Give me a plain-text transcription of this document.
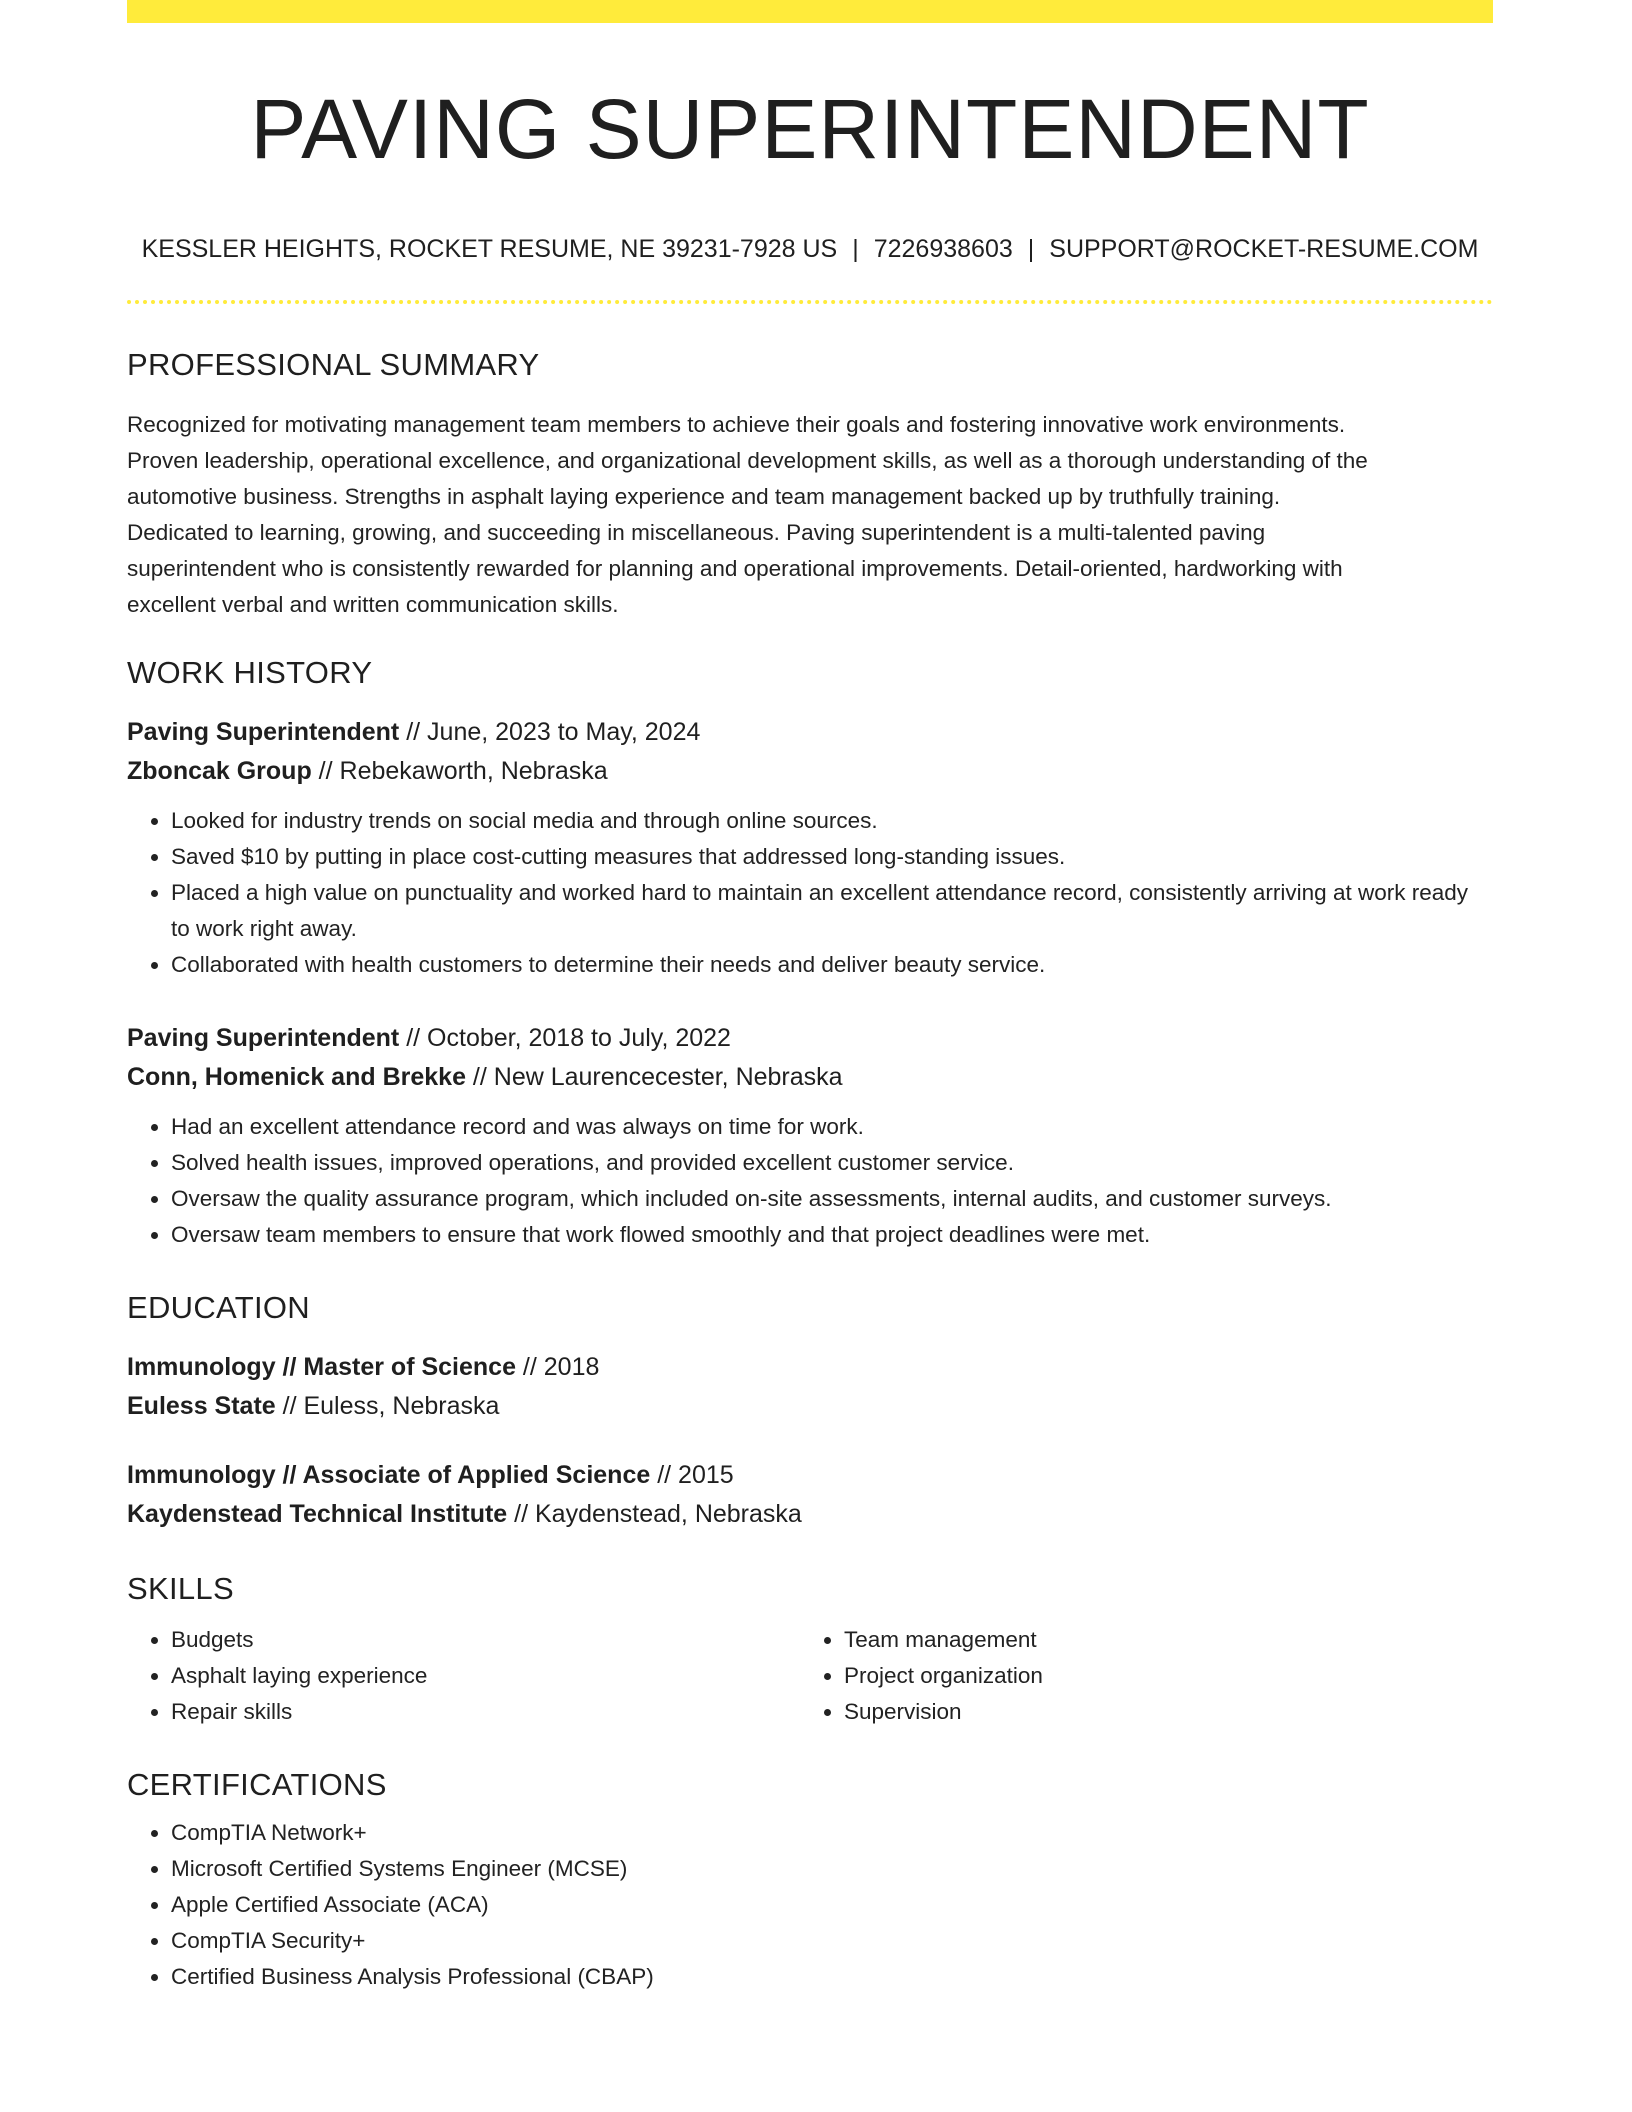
PAVING SUPERINTENDENT
KESSLER HEIGHTS, ROCKET RESUME, NE 39231-7928 US | 7226938603 | SUPPORT@ROCKET-RESUME.COM
PROFESSIONAL SUMMARY
Recognized for motivating management team members to achieve their goals and fostering innovative work environments.
Proven leadership, operational excellence, and organizational development skills, as well as a thorough understanding of the
automotive business. Strengths in asphalt laying experience and team management backed up by truthfully training.
Dedicated to learning, growing, and succeeding in miscellaneous. Paving superintendent is a multi-talented paving
superintendent who is consistently rewarded for planning and operational improvements. Detail-oriented, hardworking with
excellent verbal and written communication skills.
WORK HISTORY
Paving Superintendent // June, 2023 to May, 2024
Zboncak Group // Rebekaworth, Nebraska
• Looked for industry trends on social media and through online sources.
• Saved $10 by putting in place cost-cutting measures that addressed long-standing issues.
• Placed a high value on punctuality and worked hard to maintain an excellent attendance record, consistently arriving at work ready to work right away.
• Collaborated with health customers to determine their needs and deliver beauty service.
Paving Superintendent // October, 2018 to July, 2022
Conn, Homenick and Brekke // New Laurencecester, Nebraska
• Had an excellent attendance record and was always on time for work.
• Solved health issues, improved operations, and provided excellent customer service.
• Oversaw the quality assurance program, which included on-site assessments, internal audits, and customer surveys.
• Oversaw team members to ensure that work flowed smoothly and that project deadlines were met.
EDUCATION
Immunology // Master of Science // 2018
Euless State // Euless, Nebraska
Immunology // Associate of Applied Science // 2015
Kaydenstead Technical Institute // Kaydenstead, Nebraska
SKILLS
• Budgets
• Asphalt laying experience
• Repair skills
• Team management
• Project organization
• Supervision
CERTIFICATIONS
• CompTIA Network+
• Microsoft Certified Systems Engineer (MCSE)
• Apple Certified Associate (ACA)
• CompTIA Security+
• Certified Business Analysis Professional (CBAP)
